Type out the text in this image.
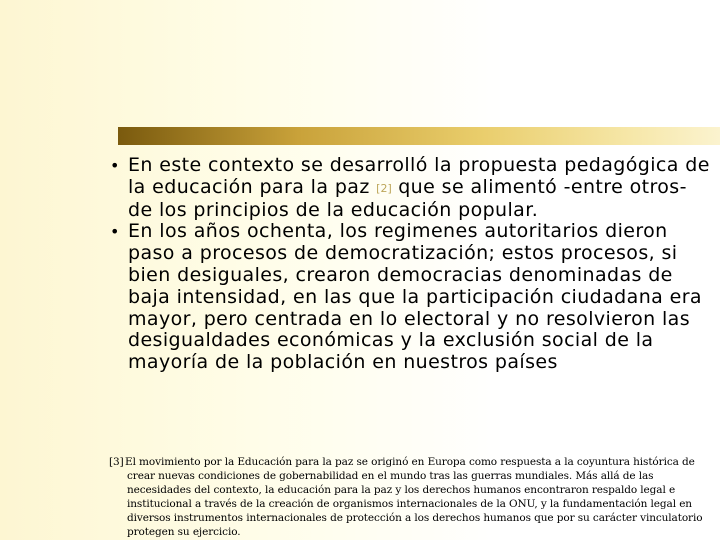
• En este contexto se desarrolló la propuesta pedagógica de la educación para la paz [2] que se alimentó -entre otros- de los principios de la educación popular.
• En los años ochenta, los regimenes autoritarios dieron paso a procesos de democratización; estos procesos, si bien desiguales, crearon democracias denominadas de baja intensidad, en las que la participación ciudadana era mayor, pero centrada en lo electoral y no resolvieron las desigualdades económicas y la exclusión social de la mayoría de la población en nuestros países
[3] El movimiento por la Educación para la paz se originó en Europa como respuesta a la coyuntura histórica de crear nuevas condiciones de gobernabilidad en el mundo tras las guerras mundiales. Más allá de las necesidades del contexto, la educación para la paz y los derechos humanos encontraron respaldo legal e institucional a través de la creación de organismos internacionales de la ONU, y la fundamentación legal en diversos instrumentos internacionales de protección a los derechos humanos que por su carácter vinculatorio protegen su ejercicio.
